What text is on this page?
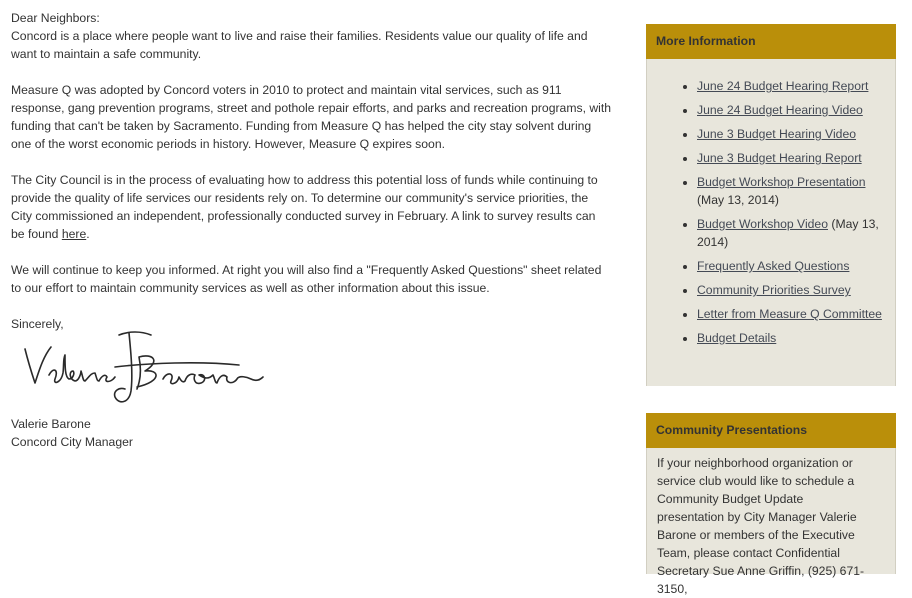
Dear Neighbors:
Concord is a place where people want to live and raise their families. Residents value our quality of life and want to maintain a safe community.

Measure Q was adopted by Concord voters in 2010 to protect and maintain vital services, such as 911 response, gang prevention programs, street and pothole repair efforts, and parks and recreation programs, with funding that can't be taken by Sacramento. Funding from Measure Q has helped the city stay solvent during one of the worst economic periods in history. However, Measure Q expires soon.

The City Council is in the process of evaluating how to address this potential loss of funds while continuing to provide the quality of life services our residents rely on. To determine our community's service priorities, the City commissioned an independent, professionally conducted survey in February. A link to survey results can be found here.

We will continue to keep you informed. At right you will also find a "Frequently Asked Questions" sheet related to our effort to maintain community services as well as other information about this issue.

Sincerely,

Valerie Barone
Concord City Manager
More Information
• June 24 Budget Hearing Report
• June 24 Budget Hearing Video
• June 3 Budget Hearing Video
• June 3 Budget Hearing Report
• Budget Workshop Presentation (May 13, 2014)
• Budget Workshop Video (May 13, 2014)
• Frequently Asked Questions
• Community Priorities Survey
• Letter from Measure Q Committee
• Budget Details
Community Presentations
If your neighborhood organization or service club would like to schedule a Community Budget Update presentation by City Manager Valerie Barone or members of the Executive Team, please contact Confidential Secretary Sue Anne Griffin, (925) 671-3150,
